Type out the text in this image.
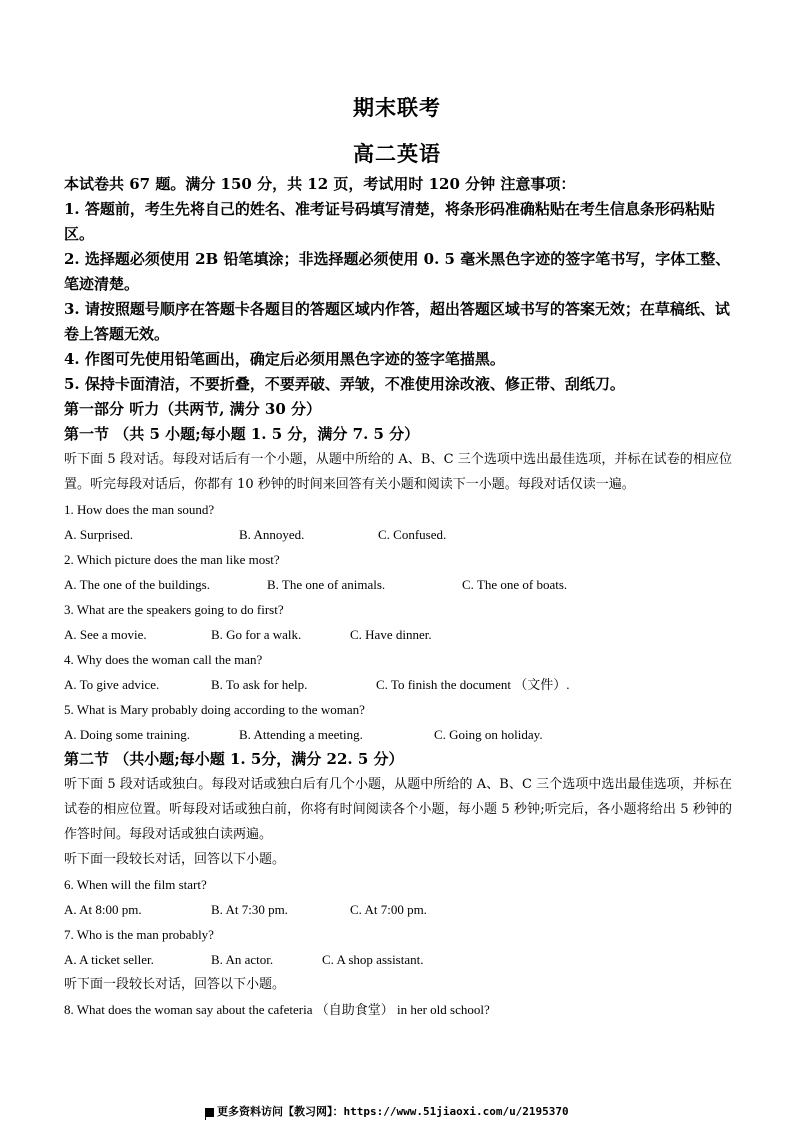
期末联考
高二英语

本试卷共 67 题。满分 150 分，共 12 页，考试用时 120 分钟 注意事项：

1. 答题前，考生先将自己的姓名、准考证号码填写清楚，将条形码准确粘贴在考生信息条形码粘贴区。

2. 选择题必须使用 2B 铅笔填涂；非选择题必须使用 0. 5 毫米黑色字迹的签字笔书写，字体工整、笔迹清楚。

3. 请按照题号顺序在答题卡各题目的答题区域内作答，超出答题区域书写的答案无效；在草稿纸、试卷上答题无效。

4. 作图可先使用铅笔画出，确定后必须用黑色字迹的签字笔描黑。

5. 保持卡面清洁，不要折叠，不要弄破、弄皱，不准使用涂改液、修正带、刮纸刀。

第一部分 听力（共两节, 满分 30 分）

第一节 （共 5 小题;每小题 1. 5 分，满分 7. 5 分）

听下面 5 段对话。每段对话后有一个小题，从题中所给的 A、B、C 三个选项中选出最佳选项，并标在试卷的相应位置。听完每段对话后，你都有 10 秒钟的时间来回答有关小题和阅读下一小题。每段对话仅读一遍。

1. How does the man sound?

A. Surprised.	B. Annoyed.	C. Confused.

2. Which picture does the man like most?

A. The one of the buildings.	B. The one of animals.	C. The one of boats.

3. What are the speakers going to do first?

A. See a movie.	B. Go for a walk.	C. Have dinner.

4. Why does the woman call the man?

A. To give advice.	B. To ask for help.	C. To finish the document （文件）.

5. What is Mary probably doing according to the woman?

A. Doing some training.	B. Attending a meeting.	C. Going on holiday.

第二节 （共小题;每小题 1. 5分，满分 22. 5 分）

听下面 5 段对话或独白。每段对话或独白后有几个小题，从题中所给的 A、B、C 三个选项中选出最佳选项，并标在试卷的相应位置。听每段对话或独白前，你将有时间阅读各个小题，每小题 5 秒钟;听完后，各小题将给出 5 秒钟的作答时间。每段对话或独白读两遍。

听下面一段较长对话，回答以下小题。

6. When will the film start?

A. At 8:00 pm.	B. At 7:30 pm.	C. At 7:00 pm.

7. Who is the man probably?

A. A ticket seller.	B. An actor.	C. A shop assistant.

听下面一段较长对话，回答以下小题。

8. What does the woman say about the cafeteria （自助食堂） in her old school?

更多资料访问【教习网】：https://www.51jiaoxi.com/u/2195370
